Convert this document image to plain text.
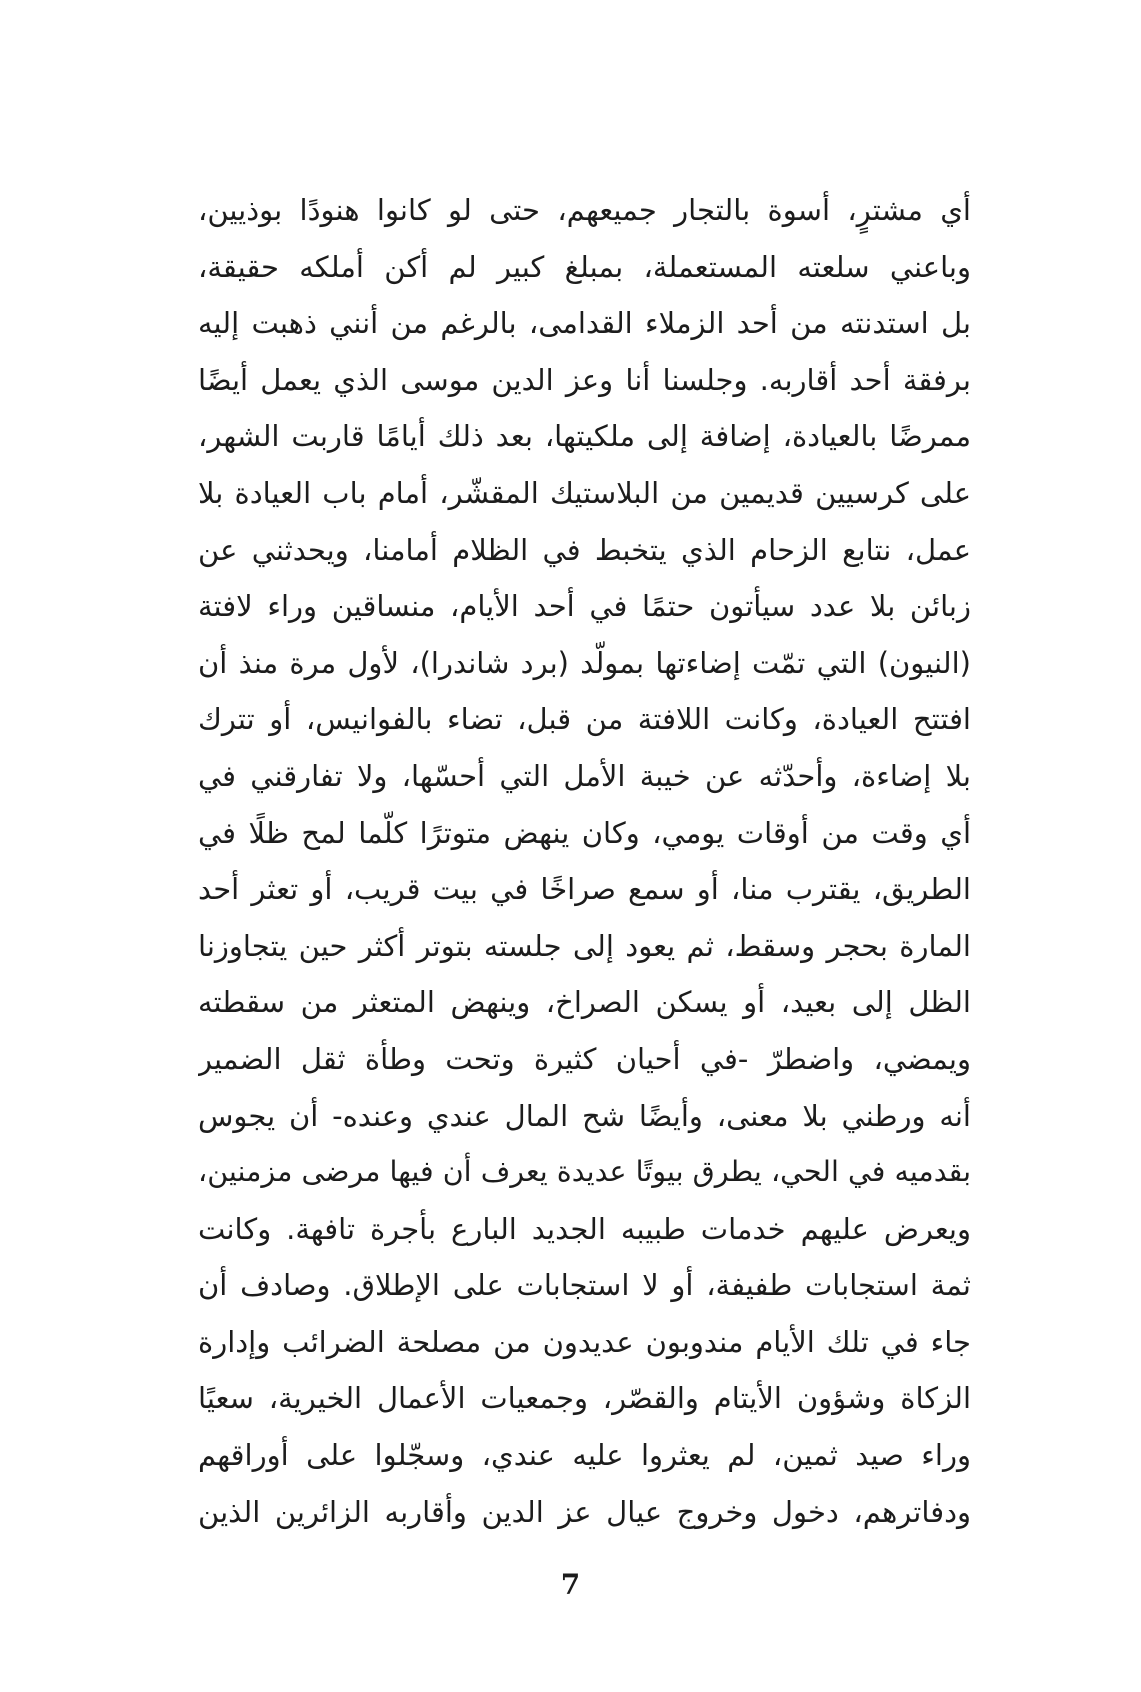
أي مشترٍ، أسوة بالتجار جميعهم، حتى لو كانوا هنودًا بوذيين،
وباعني سلعته المستعملة، بمبلغ كبير لم أكن أملكه حقيقة،
بل استدنته من أحد الزملاء القدامى، بالرغم من أنني ذهبت إليه
برفقة أحد أقاربه. وجلسنا أنا وعز الدين موسى الذي يعمل أيضًا
ممرضًا بالعيادة، إضافة إلى ملكيتها، بعد ذلك أيامًا قاربت الشهر،
على كرسيين قديمين من البلاستيك المقشّر، أمام باب العيادة بلا
عمل، نتابع الزحام الذي يتخبط في الظلام أمامنا، ويحدثني عن
زبائن بلا عدد سيأتون حتمًا في أحد الأيام، منساقين وراء لافتة
(النيون) التي تمّت إضاءتها بمولّد (برد شاندرا)، لأول مرة منذ أن
افتتح العيادة، وكانت اللافتة من قبل، تضاء بالفوانيس، أو تترك
بلا إضاءة، وأحدّثه عن خيبة الأمل التي أحسّها، ولا تفارقني في
أي وقت من أوقات يومي، وكان ينهض متوترًا كلّما لمح ظلًا في
الطريق، يقترب منا، أو سمع صراخًا في بيت قريب، أو تعثر أحد
المارة بحجر وسقط، ثم يعود إلى جلسته بتوتر أكثر حين يتجاوزنا
الظل إلى بعيد، أو يسكن الصراخ، وينهض المتعثر من سقطته
ويمضي، واضطرّ -في أحيان كثيرة وتحت وطأة ثقل الضمير
أنه ورطني بلا معنى، وأيضًا شح المال عندي وعنده- أن يجوس
بقدميه في الحي، يطرق بيوتًا عديدة يعرف أن فيها مرضى مزمنين،
ويعرض عليهم خدمات طبيبه الجديد البارع بأجرة تافهة. وكانت
ثمة استجابات طفيفة، أو لا استجابات على الإطلاق. وصادف أن
جاء في تلك الأيام مندوبون عديدون من مصلحة الضرائب وإدارة
الزكاة وشؤون الأيتام والقصّر، وجمعيات الأعمال الخيرية، سعيًا
وراء صيد ثمين، لم يعثروا عليه عندي، وسجّلوا على أوراقهم
ودفاترهم، دخول وخروج عيال عز الدين وأقاربه الزائرين الذين
7
